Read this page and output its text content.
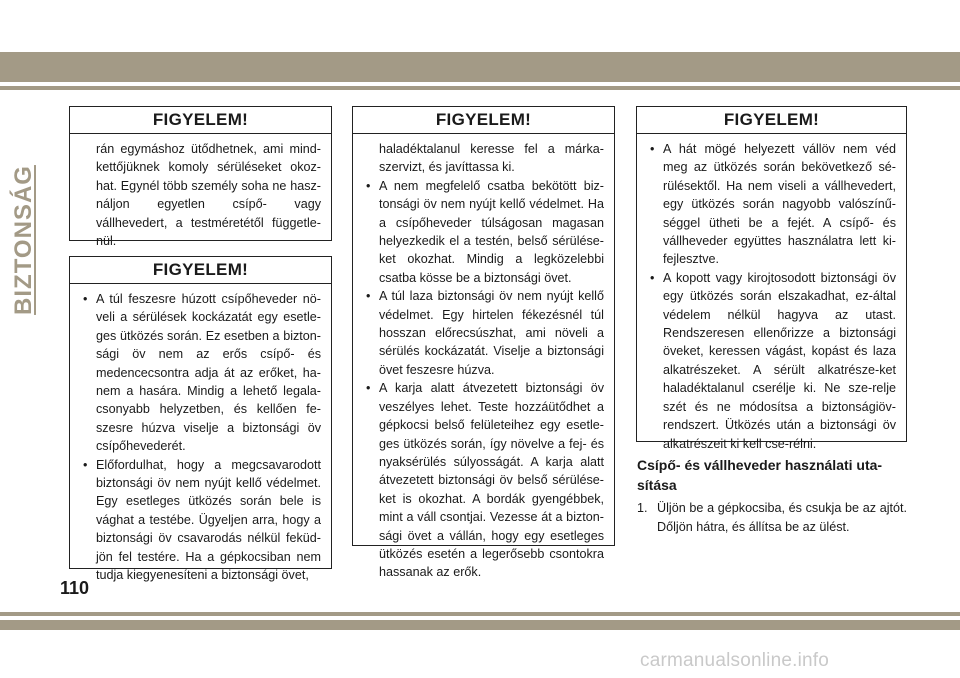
BIZTONSÁG
FIGYELEM!
rán egymáshoz ütődhetnek, ami mind-kettőjüknek komoly sérüléseket okoz-hat. Egynél több személy soha ne hasz-náljon egyetlen csípő- vagy vállhevedert, a testméretétől függetle-nül.
FIGYELEM!
• A túl feszesre húzott csípőheveder nö-veli a sérülések kockázatát egy esetle-ges ütközés során. Ez esetben a bizton-sági öv nem az erős csípő- és medencecsontra adja át az erőket, ha-nem a hasára. Mindig a lehető legala-csonyabb helyzetben, és kellően fe-szesre húzva viselje a biztonsági öv csípőhevederét.
• Előfordulhat, hogy a megcsavarodott biztonsági öv nem nyújt kellő védelmet. Egy esetleges ütközés során bele is vághat a testébe. Ügyeljen arra, hogy a biztonsági öv csavarodás nélkül feküd-jön fel testére. Ha a gépkocsiban nem tudja kiegyenesíteni a biztonsági övet,
FIGYELEM!
haladéktalanul keresse fel a márka-szervizt, és javíttassa ki.
• A nem megfelelő csatba bekötött biz-tonsági öv nem nyújt kellő védelmet. Ha a csípőheveder túlságosan magasan helyezkedik el a testén, belső sérülése-ket okozhat. Mindig a legközelebbi csatba kösse be a biztonsági övet.
• A túl laza biztonsági öv nem nyújt kellő védelmet. Egy hirtelen fékezésnél túl hosszan előrecsúszhat, ami növeli a sérülés kockázatát. Viselje a biztonsági övet feszesre húzva.
• A karja alatt átvezetett biztonsági öv veszélyes lehet. Teste hozzáütődhet a gépkocsi belső felületeihez egy esetle-ges ütközés során, így növelve a fej- és nyaksérülés súlyosságát. A karja alatt átvezetett biztonsági öv belső sérülése-ket is okozhat. A bordák gyengébbek, mint a váll csontjai. Vezesse át a bizton-sági övet a vállán, hogy egy esetleges ütközés esetén a legerősebb csontokra hassanak az erők.
FIGYELEM!
• A hát mögé helyezett vállöv nem véd meg az ütközés során bekövetkező sé-rülésektől. Ha nem viseli a vállhevedert, egy ütközés során nagyobb valószínű-séggel ütheti be a fejét. A csípő- és vállheveder együttes használatra lett ki-fejlesztve.
• A kopott vagy kirojtosodott biztonsági öv egy ütközés során elszakadhat, ez-által védelem nélkül hagyva az utast. Rendszeresen ellenőrizze a biztonsági öveket, keressen vágást, kopást és laza alkatrészeket. A sérült alkatrésze-ket haladéktalanul cserélje ki. Ne sze-relje szét és ne módosítsa a biztonságiöv-rendszert. Ütközés után a biztonsági öv alkatrészeit ki kell cse-rélni.
Csípő- és vállheveder használati uta-sítása
1. Üljön be a gépkocsiba, és csukja be az ajtót. Dőljön hátra, és állítsa be az ülést.
110
carmanualsonline.info
